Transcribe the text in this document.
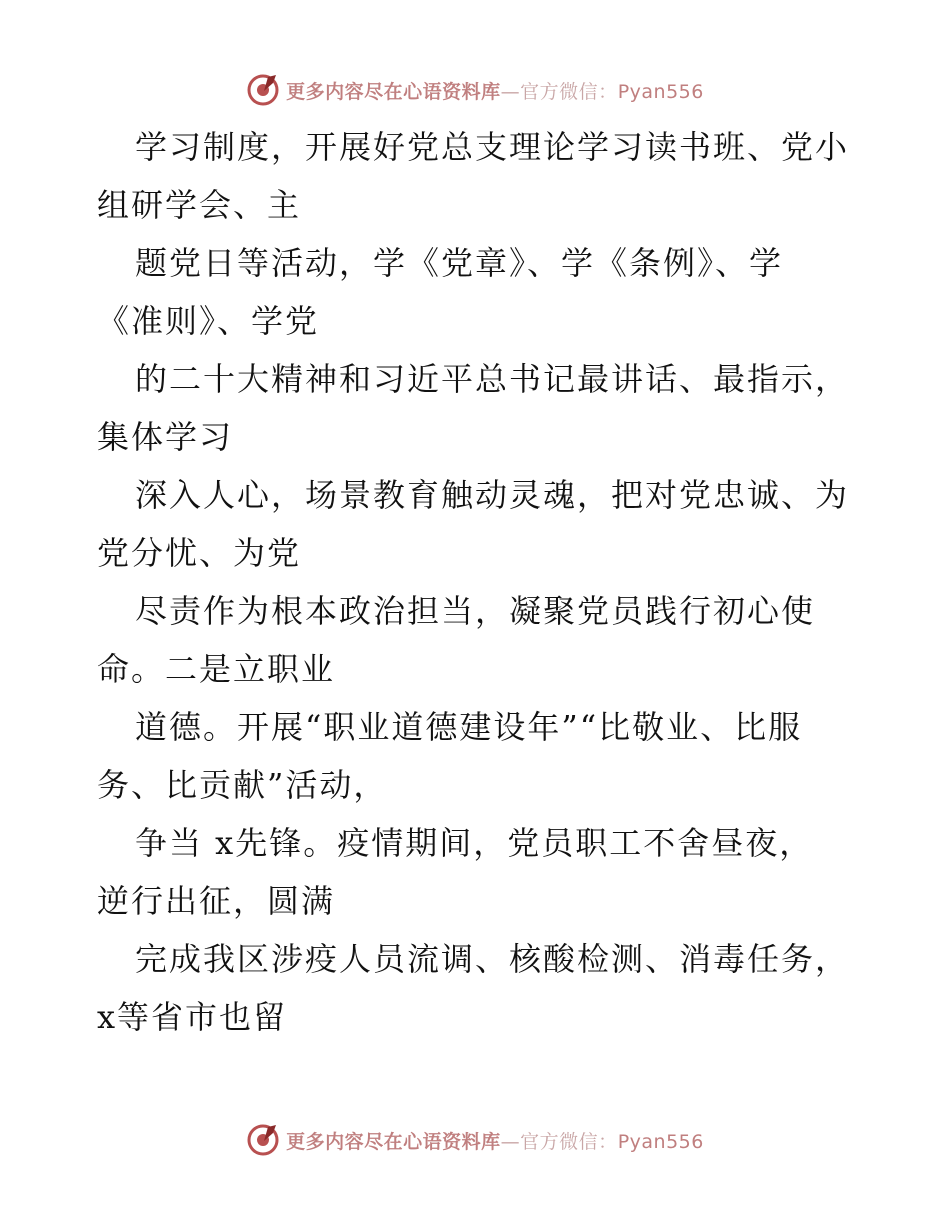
更多内容尽在心语资料库—官方微信：Pyan556

学习制度，开展好党总支理论学习读书班、党小

组研学会、主

题党日等活动，学《党章》、学《条例》、学

《准则》、学党

的二十大精神和习近平总书记最讲话、最指示，

集体学习

深入人心，场景教育触动灵魂，把对党忠诚、为

党分忧、为党

尽责作为根本政治担当，凝聚党员践行初心使

命。二是立职业

道德。开展“职业道德建设年”“比敬业、比服

务、比贡献”活动，

争当 x先锋。疫情期间，党员职工不舍昼夜，

逆行出征，圆满

完成我区涉疫人员流调、核酸检测、消毒任务，

x等省市也留

更多内容尽在心语资料库—官方微信：Pyan556
